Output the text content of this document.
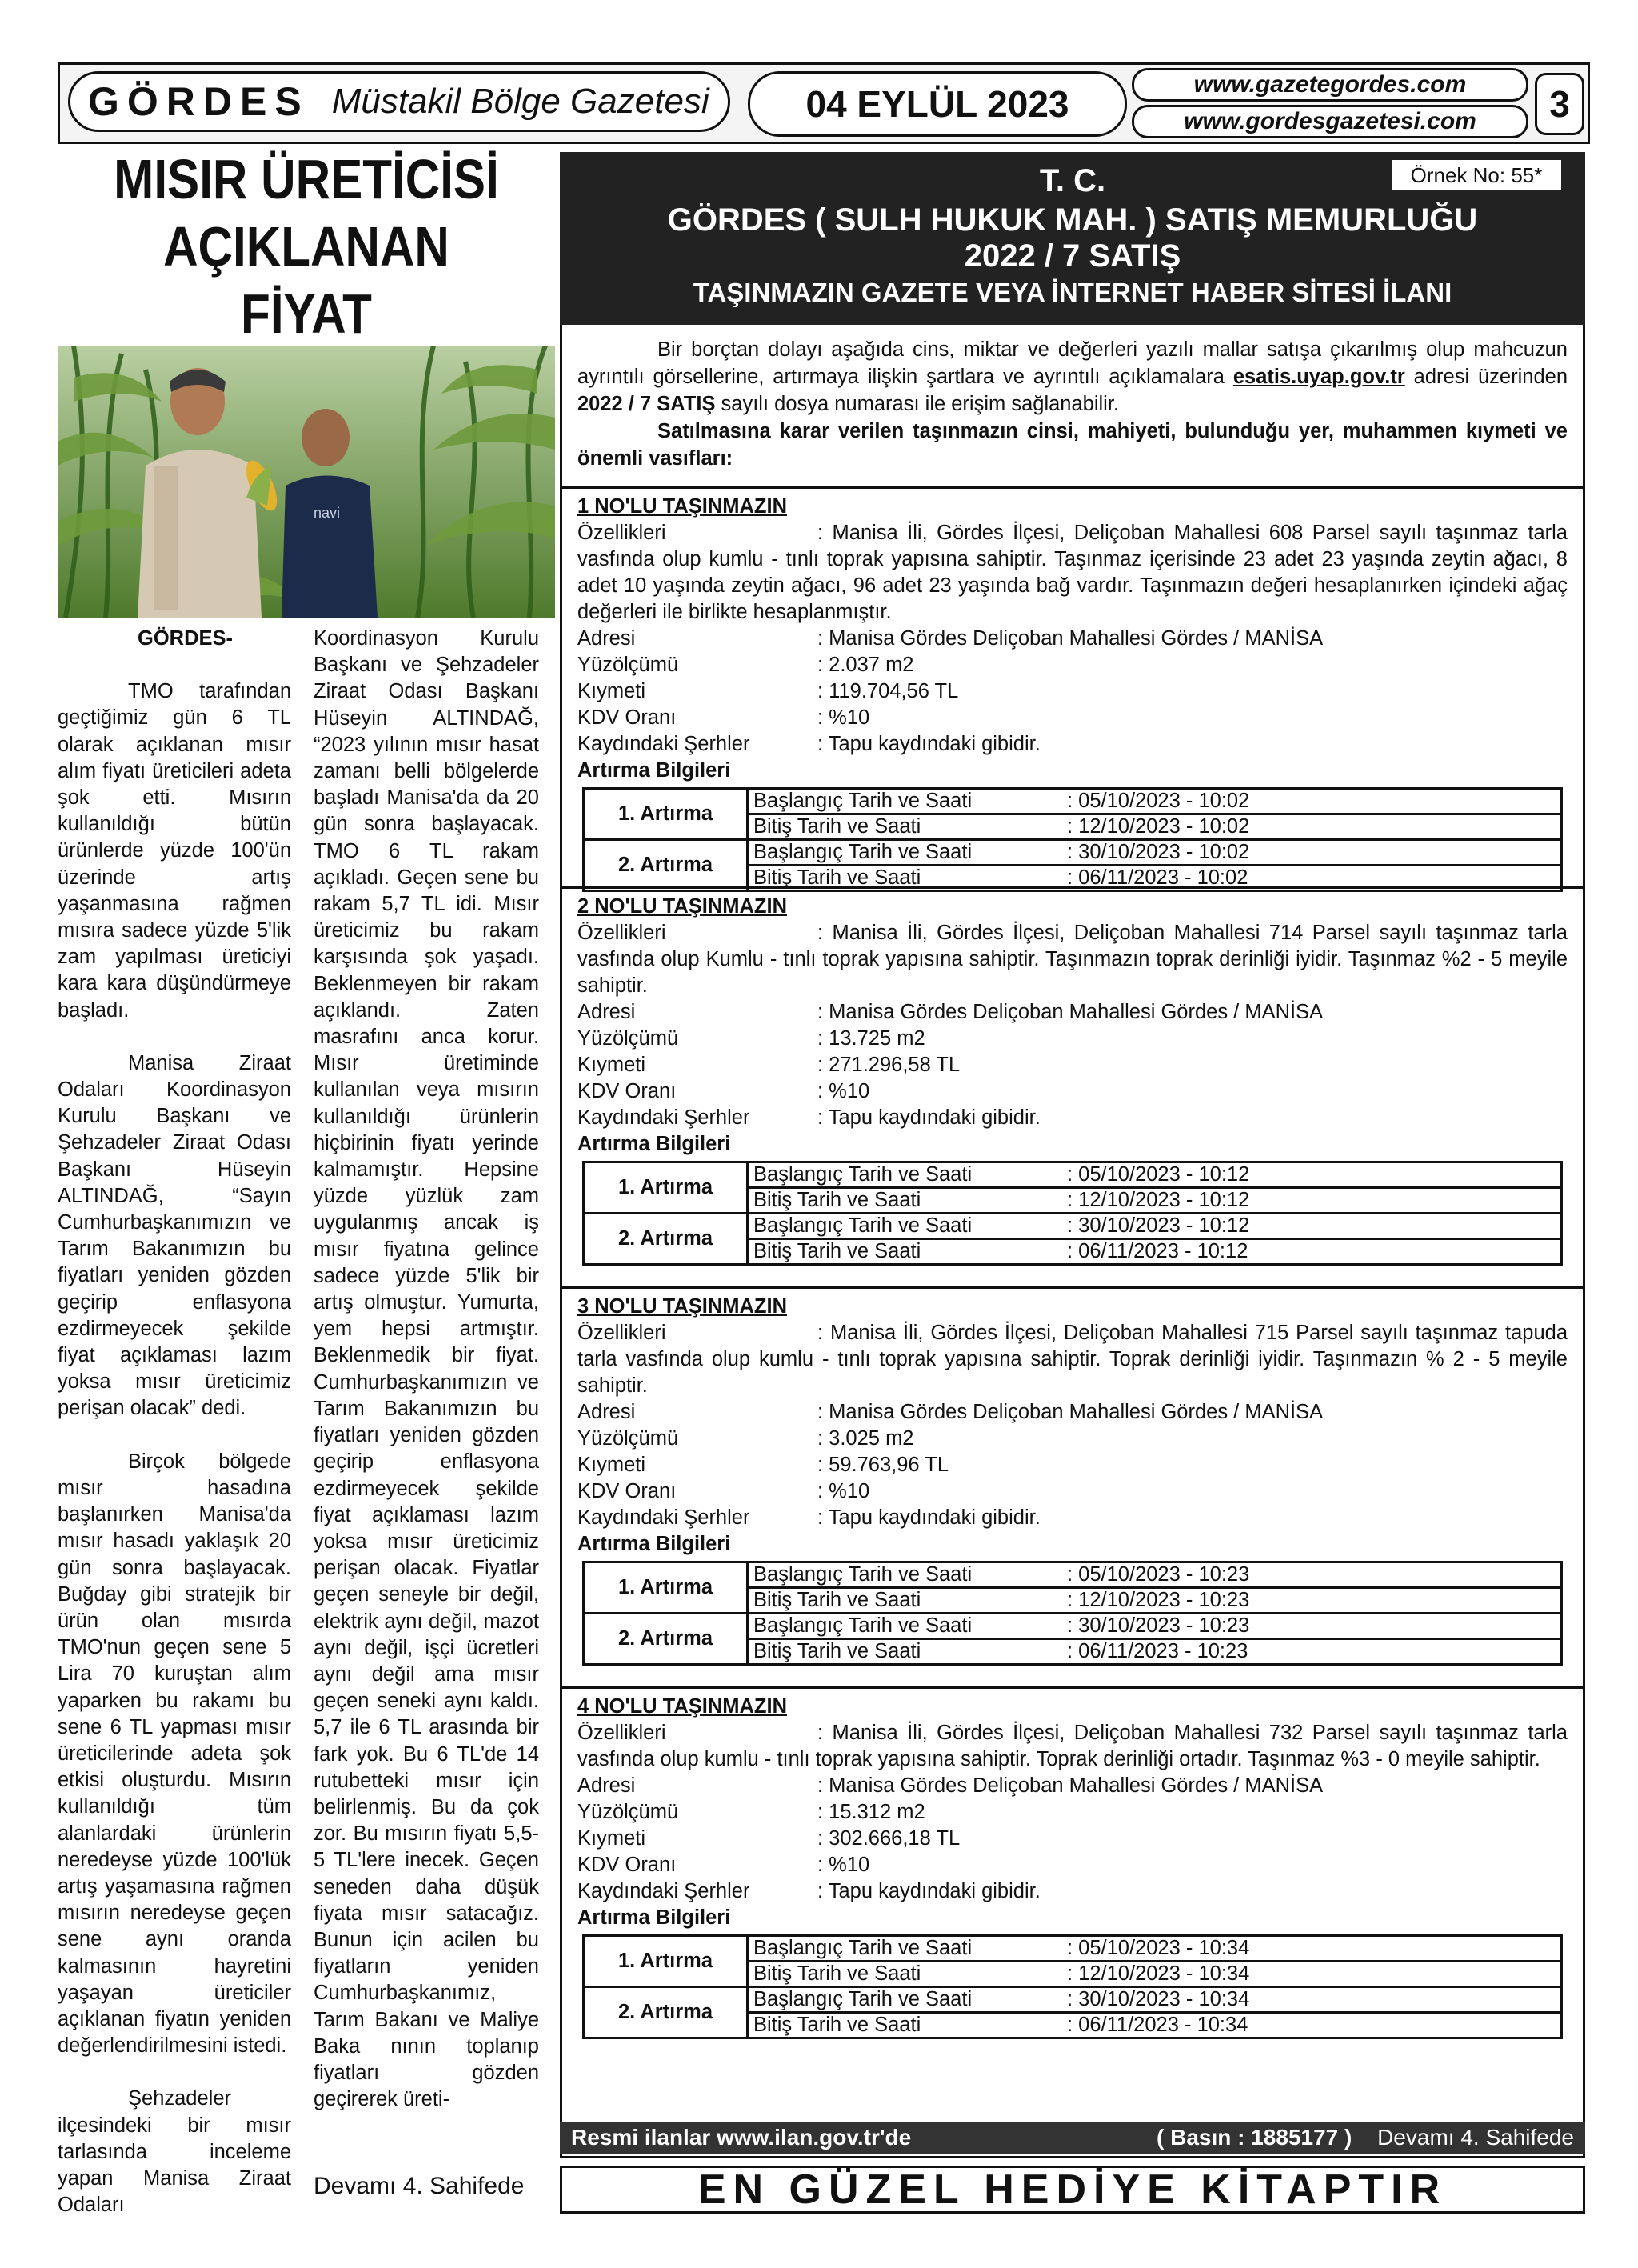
GÖRDES Müstakil Bölge Gazetesi	04 EYLÜL 2023	www.gazetegordes.com
www.gordesgazetesi.com	3
MISIR ÜRETİCİSİ
AÇIKLANAN FİYAT
navi

GÖRDES-

TMO tarafından geçtiğimiz gün 6 TL olarak açıklanan mısır alım fiyatı üreticileri adeta şok etti. Mısırın kullanıldığı bütün ürünlerde yüzde 100'ün üzerinde artış yaşanmasına rağmen mısıra sadece yüzde 5'lik zam yapılması üreticiyi kara kara düşündürmeye başladı.

Manisa Ziraat Odaları Koordinasyon Kurulu Başkanı ve Şehzadeler Ziraat Odası Başkanı Hüseyin ALTINDAĞ, “Sayın Cumhurbaşkanımızın ve Tarım Bakanımızın bu fiyatları yeniden gözden geçirip enflasyona ezdirmeyecek şekilde fiyat açıklaması lazım yoksa mısır üreticimiz perişan olacak” dedi.

Birçok bölgede mısır hasadına başlanırken Manisa'da mısır hasadı yaklaşık 20 gün sonra başlayacak. Buğday gibi stratejik bir ürün olan mısırda TMO'nun geçen sene 5 Lira 70 kuruştan alım yaparken bu rakamı bu sene 6 TL yapması mısır üreticilerinde adeta şok etkisi oluşturdu. Mısırın kullanıldığı tüm alanlardaki ürünlerin neredeyse yüzde 100'lük artış yaşamasına rağmen mısırın neredeyse geçen sene aynı oranda kalmasının hayretini yaşayan üreticiler açıklanan fiyatın yeniden değerlendirilmesini istedi.

Şehzadeler ilçesindeki bir mısır tarlasında inceleme yapan Manisa Ziraat Odaları

Koordinasyon Kurulu Başkanı ve Şehzadeler Ziraat Odası Başkanı Hüseyin ALTINDAĞ, “2023 yılının mısır hasat zamanı belli bölgelerde başladı Manisa'da da 20 gün sonra başlayacak. TMO 6 TL rakam açıkladı. Geçen sene bu rakam 5,7 TL idi. Mısır üreticimiz bu rakam karşısında şok yaşadı. Beklenmeyen bir rakam açıklandı. Zaten masrafını anca korur. Mısır üretiminde kullanılan veya mısırın kullanıldığı ürünlerin hiçbirinin fiyatı yerinde kalmamıştır. Hepsine yüzde yüzlük zam uygulanmış ancak iş mısır fiyatına gelince sadece yüzde 5'lik bir artış olmuştur. Yumurta, yem hepsi artmıştır. Beklenmedik bir fiyat. Cumhurbaşkanımızın ve Tarım Bakanımızın bu fiyatları yeniden gözden geçirip enflasyona ezdirmeyecek şekilde fiyat açıklaması lazım yoksa mısır üreticimiz perişan olacak. Fiyatlar geçen seneyle bir değil, elektrik aynı değil, mazot aynı değil, işçi ücretleri aynı değil ama mısır geçen seneki aynı kaldı. 5,7 ile 6 TL arasında bir fark yok. Bu 6 TL'de 14 rutubetteki mısır için belirlenmiş. Bu da çok zor. Bu mısırın fiyatı 5,5-5 TL'lere inecek. Geçen seneden daha düşük fiyata mısır satacağız. Bunun için acilen bu fiyatların yeniden Cumhurbaşkanımız, Tarım Bakanı ve Maliye Baka nının toplanıp fiyatları gözden geçirerek üreti-

Devamı 4. Sahifede
T. C.
GÖRDES ( SULH HUKUK MAH. ) SATIŞ MEMURLUĞU
2022 / 7 SATIŞ
TAŞINMAZIN GAZETE VEYA İNTERNET HABER SİTESİ İLANI
Örnek No: 55*

Bir borçtan dolayı aşağıda cins, miktar ve değerleri yazılı mallar satışa çıkarılmış olup mahcuzun ayrıntılı görsellerine, artırmaya ilişkin şartlara ve ayrıntılı açıklamalara esatis.uyap.gov.tr adresi üzerinden 2022 / 7 SATIŞ sayılı dosya numarası ile erişim sağlanabilir.

Satılmasına karar verilen taşınmazın cinsi, mahiyeti, bulunduğu yer, muhammen kıymeti ve önemli vasıfları:

1 NO'LU TAŞINMAZIN
Özellikleri	: Manisa İli, Gördes İlçesi, Deliçoban Mahallesi 608 Parsel sayılı taşınmaz tarla vasfında olup kumlu - tınlı toprak yapısına sahiptir. Taşınmaz içerisinde 23 adet 23 yaşında zeytin ağacı, 8 adet 10 yaşında zeytin ağacı, 96 adet 23 yaşında bağ vardır. Taşınmazın değeri hesaplanırken içindeki ağaç değerleri ile birlikte hesaplanmıştır.
Adresi	: Manisa Gördes Deliçoban Mahallesi Gördes / MANİSA
Yüzölçümü	: 2.037 m2
Kıymeti	: 119.704,56 TL
KDV Oranı	: %10
Kaydındaki Şerhler	: Tapu kaydındaki gibidir.
Artırma Bilgileri
1. Artırma	Başlangıç Tarih ve Saati	: 05/10/2023 - 10:02
	Bitiş Tarih ve Saati	: 12/10/2023 - 10:02
2. Artırma	Başlangıç Tarih ve Saati	: 30/10/2023 - 10:02
	Bitiş Tarih ve Saati	: 06/11/2023 - 10:02
2 NO'LU TAŞINMAZIN
Özellikleri	: Manisa İli, Gördes İlçesi, Deliçoban Mahallesi 714 Parsel sayılı taşınmaz tarla vasfında olup Kumlu - tınlı toprak yapısına sahiptir. Taşınmazın toprak derinliği iyidir. Taşınmaz %2 - 5 meyile sahiptir.
Adresi	: Manisa Gördes Deliçoban Mahallesi Gördes / MANİSA
Yüzölçümü	: 13.725 m2
Kıymeti	: 271.296,58 TL
KDV Oranı	: %10
Kaydındaki Şerhler	: Tapu kaydındaki gibidir.
Artırma Bilgileri
1. Artırma	Başlangıç Tarih ve Saati	: 05/10/2023 - 10:12
	Bitiş Tarih ve Saati	: 12/10/2023 - 10:12
2. Artırma	Başlangıç Tarih ve Saati	: 30/10/2023 - 10:12
	Bitiş Tarih ve Saati	: 06/11/2023 - 10:12
3 NO'LU TAŞINMAZIN
Özellikleri	: Manisa İli, Gördes İlçesi, Deliçoban Mahallesi 715 Parsel sayılı taşınmaz tapuda tarla vasfında olup kumlu - tınlı toprak yapısına sahiptir. Toprak derinliği iyidir. Taşınmazın % 2 - 5 meyile sahiptir.
Adresi	: Manisa Gördes Deliçoban Mahallesi Gördes / MANİSA
Yüzölçümü	: 3.025 m2
Kıymeti	: 59.763,96 TL
KDV Oranı	: %10
Kaydındaki Şerhler	: Tapu kaydındaki gibidir.
Artırma Bilgileri
1. Artırma	Başlangıç Tarih ve Saati	: 05/10/2023 - 10:23
	Bitiş Tarih ve Saati	: 12/10/2023 - 10:23
2. Artırma	Başlangıç Tarih ve Saati	: 30/10/2023 - 10:23
	Bitiş Tarih ve Saati	: 06/11/2023 - 10:23
4 NO'LU TAŞINMAZIN
Özellikleri	: Manisa İli, Gördes İlçesi, Deliçoban Mahallesi 732 Parsel sayılı taşınmaz tarla vasfında olup kumlu - tınlı toprak yapısına sahiptir. Toprak derinliği ortadır. Taşınmaz %3 - 0 meyile sahiptir.
Adresi	: Manisa Gördes Deliçoban Mahallesi Gördes / MANİSA
Yüzölçümü	: 15.312 m2
Kıymeti	: 302.666,18 TL
KDV Oranı	: %10
Kaydındaki Şerhler	: Tapu kaydındaki gibidir.
Artırma Bilgileri
1. Artırma	Başlangıç Tarih ve Saati	: 05/10/2023 - 10:34
	Bitiş Tarih ve Saati	: 12/10/2023 - 10:34
2. Artırma	Başlangıç Tarih ve Saati	: 30/10/2023 - 10:34
	Bitiş Tarih ve Saati	: 06/11/2023 - 10:34
Resmi ilanlar www.ilan.gov.tr'de	( Basın : 1885177 ) Devamı 4. Sahifede
EN GÜZEL HEDİYE KİTAPTIR
